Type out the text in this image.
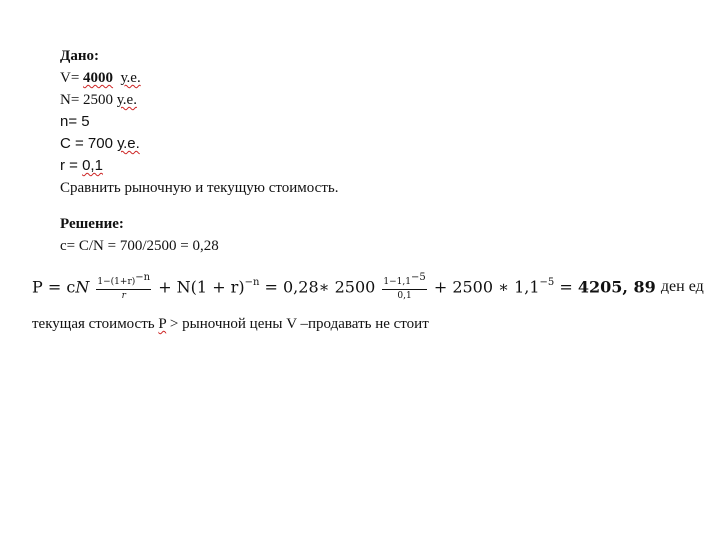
Дано:
V= 4000 у.е.
N= 2500 у.е.
n= 5
C = 700 у.е.
r = 0,1
Сравнить рыночную и текущую стоимость.
Решение:
c= C/N = 700/2500 = 0,28
P = cN $\frac{1-(1+r)^{-n}}{r} + N(1 + r)^{-n}$ = 0,28∗ $2500 \frac{1-1,1^{-5}}{0,1} + 2500$ ∗ $1,1^{-5} = 4205$, 89 ден ед
текущая стоимость P > рыночной цены V –продавать не стоит
